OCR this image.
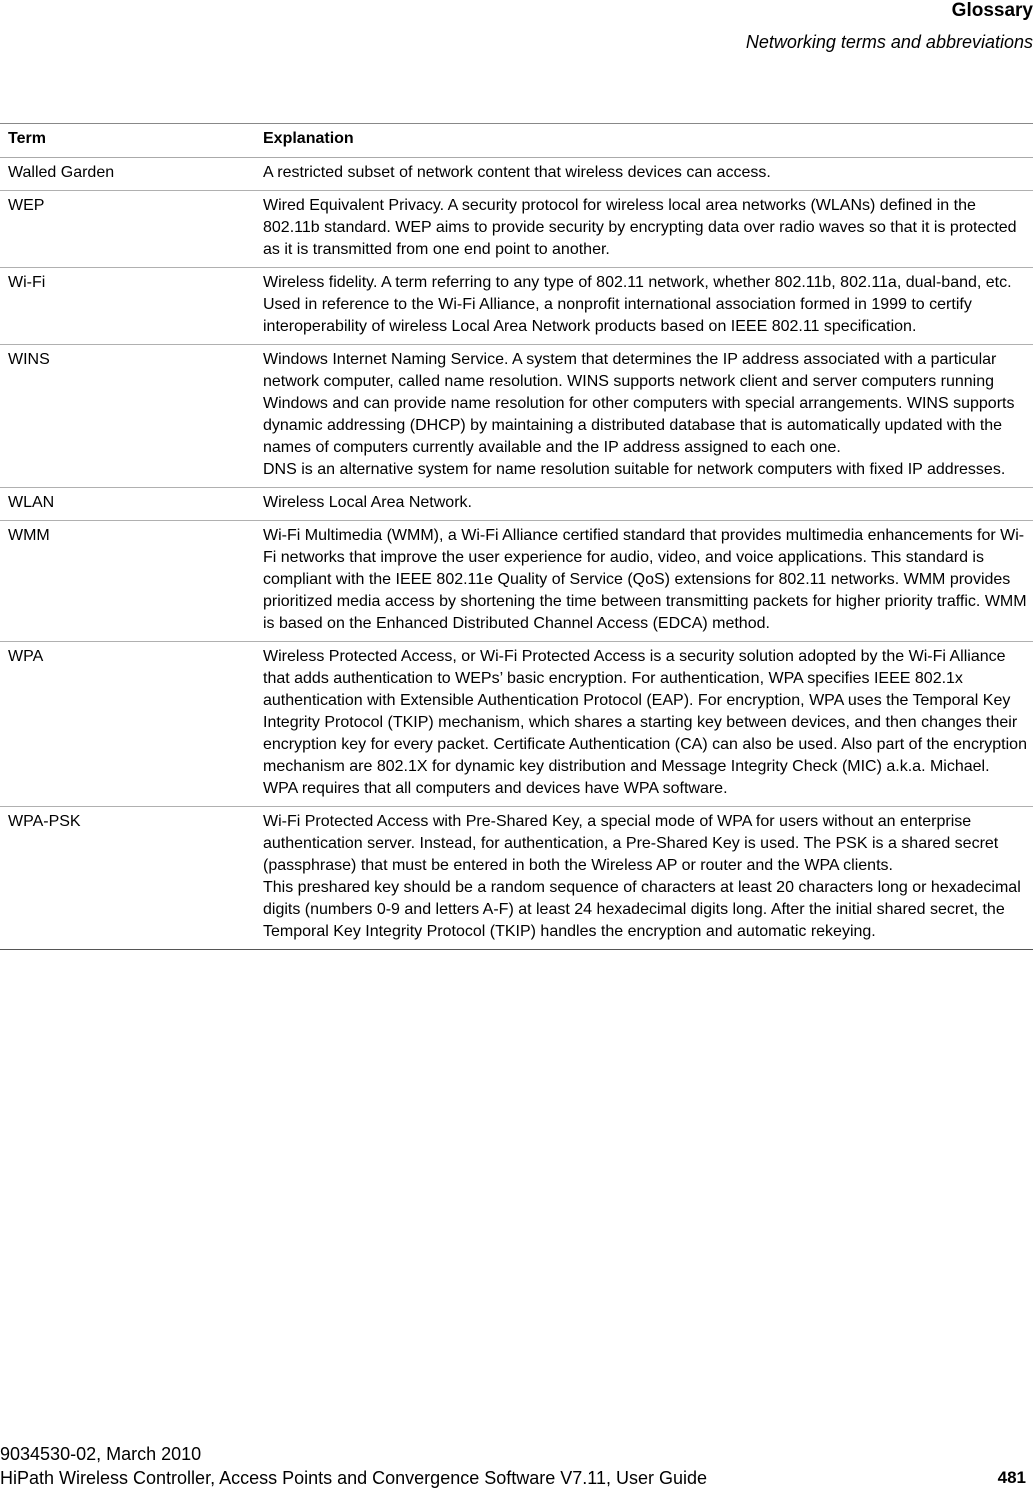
Glossary
Networking terms and abbreviations
Term	Explanation
Walled Garden	A restricted subset of network content that wireless devices can access.

WEP	Wired Equivalent Privacy. A security protocol for wireless local area networks (WLANs) defined in the 802.11b standard. WEP aims to provide security by encrypting data over radio waves so that it is protected as it is transmitted from one end point to another.

Wi-Fi	Wireless fidelity. A term referring to any type of 802.11 network, whether 802.11b, 802.11a, dual-band, etc. Used in reference to the Wi-Fi Alliance, a nonprofit international association formed in 1999 to certify interoperability of wireless Local Area Network products based on IEEE 802.11 specification.

WINS	Windows Internet Naming Service. A system that determines the IP address associated with a particular network computer, called name resolution. WINS supports network client and server computers running Windows and can provide name resolution for other computers with special arrangements. WINS supports dynamic addressing (DHCP) by maintaining a distributed database that is automatically updated with the names of computers currently available and the IP address assigned to each one.
DNS is an alternative system for name resolution suitable for network computers with fixed IP addresses.

WLAN	Wireless Local Area Network.

WMM	Wi-Fi Multimedia (WMM), a Wi-Fi Alliance certified standard that provides multimedia enhancements for Wi-Fi networks that improve the user experience for audio, video, and voice applications. This standard is compliant with the IEEE 802.11e Quality of Service (QoS) extensions for 802.11 networks. WMM provides prioritized media access by shortening the time between transmitting packets for higher priority traffic. WMM is based on the Enhanced Distributed Channel Access (EDCA) method.

WPA	Wireless Protected Access, or Wi-Fi Protected Access is a security solution adopted by the Wi-Fi Alliance that adds authentication to WEPs’ basic encryption. For authentication, WPA specifies IEEE 802.1x authentication with Extensible Authentication Protocol (EAP). For encryption, WPA uses the Temporal Key Integrity Protocol (TKIP) mechanism, which shares a starting key between devices, and then changes their encryption key for every packet. Certificate Authentication (CA) can also be used. Also part of the encryption mechanism are 802.1X for dynamic key distribution and Message Integrity Check (MIC) a.k.a. Michael.
WPA requires that all computers and devices have WPA software.

WPA-PSK	Wi-Fi Protected Access with Pre-Shared Key, a special mode of WPA for users without an enterprise authentication server. Instead, for authentication, a Pre-Shared Key is used. The PSK is a shared secret (passphrase) that must be entered in both the Wireless AP or router and the WPA clients.
This preshared key should be a random sequence of characters at least 20 characters long or hexadecimal digits (numbers 0-9 and letters A-F) at least 24 hexadecimal digits long. After the initial shared secret, the Temporal Key Integrity Protocol (TKIP) handles the encryption and automatic rekeying.
9034530-02, March 2010
HiPath Wireless Controller, Access Points and Convergence Software V7.11, User Guide	481
